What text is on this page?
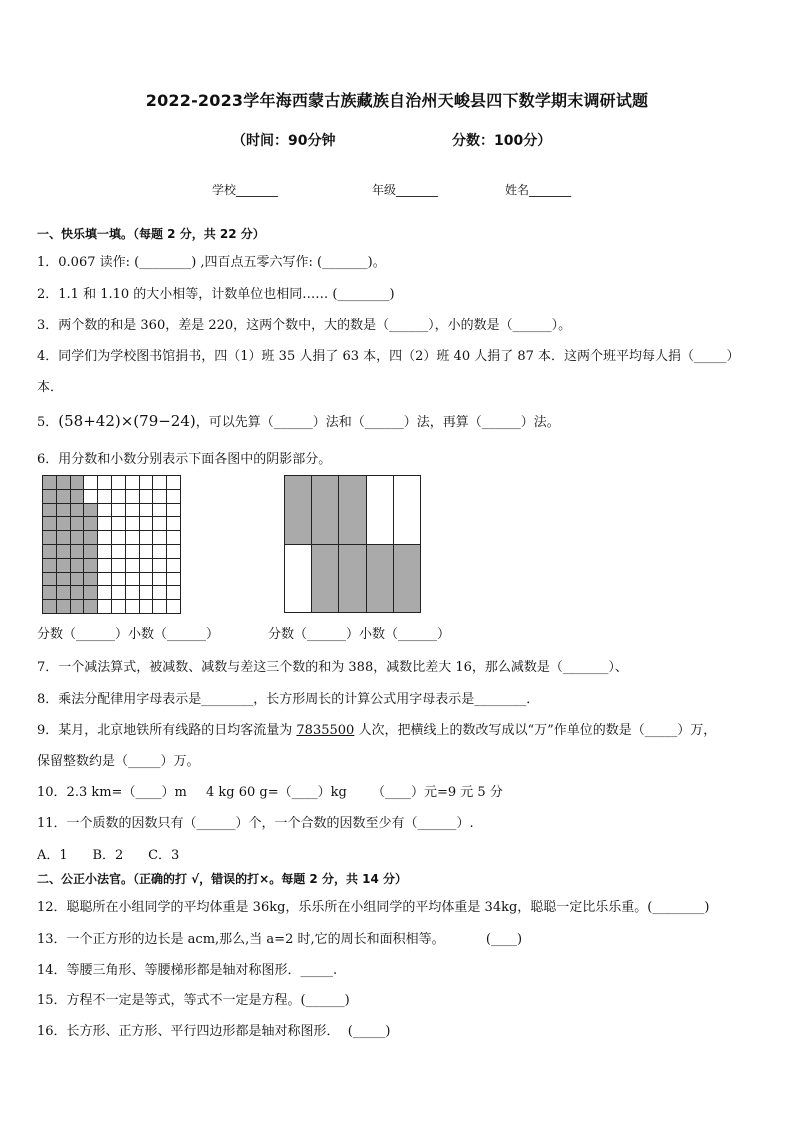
2022-2023学年海西蒙古族藏族自治州天峻县四下数学期末调研试题
（时间：90分钟	分数：100分）
学校_______	年级_______	姓名_______
一、快乐填一填。（每题 2 分，共 22 分）
1．0.067 读作: (________) ,四百点五零六写作: (_______)。
2．1.1 和 1.10 的大小相等，计数单位也相同…… (________)
3．两个数的和是 360，差是 220，这两个数中，大的数是（______），小的数是（______）。
4．同学们为学校图书馆捐书，四（1）班 35 人捐了 63 本，四（2）班 40 人捐了 87 本．这两个班平均每人捐（_____）
本．
5．(58+42)×(79−24)，可以先算（______）法和（______）法，再算（______）法。
6．用分数和小数分别表示下面各图中的阴影部分。
分数（______）小数（______）	分数（______）小数（______）
7．一个减法算式，被减数、减数与差这三个数的和为 388，减数比差大 16，那么减数是（_______）、
8．乘法分配律用字母表示是________，长方形周长的计算公式用字母表示是________．
9．某月，北京地铁所有线路的日均客流量为 7835500 人次，把横线上的数改写成以“万”作单位的数是（_____）万，
保留整数约是（_____）万。
10．2.3 km=（____）m 4 kg 60 g=（____）kg （____）元=9 元 5 分
11．一个质数的因数只有（______）个，一个合数的因数至少有（______）.
A．1      B．2      C．3
二、公正小法官。（正确的打 √，错误的打×。每题 2 分，共 14 分）
12．聪聪所在小组同学的平均体重是 36kg，乐乐所在小组同学的平均体重是 34kg，聪聪一定比乐乐重。(________)
13．一个正方形的边长是 acm,那么,当 a=2 时,它的周长和面积相等。          (____)
14．等腰三角形、等腰梯形都是轴对称图形．_____.
15．方程不一定是等式，等式不一定是方程。(______)
16．长方形、正方形、平行四边形都是轴对称图形．  (_____)
